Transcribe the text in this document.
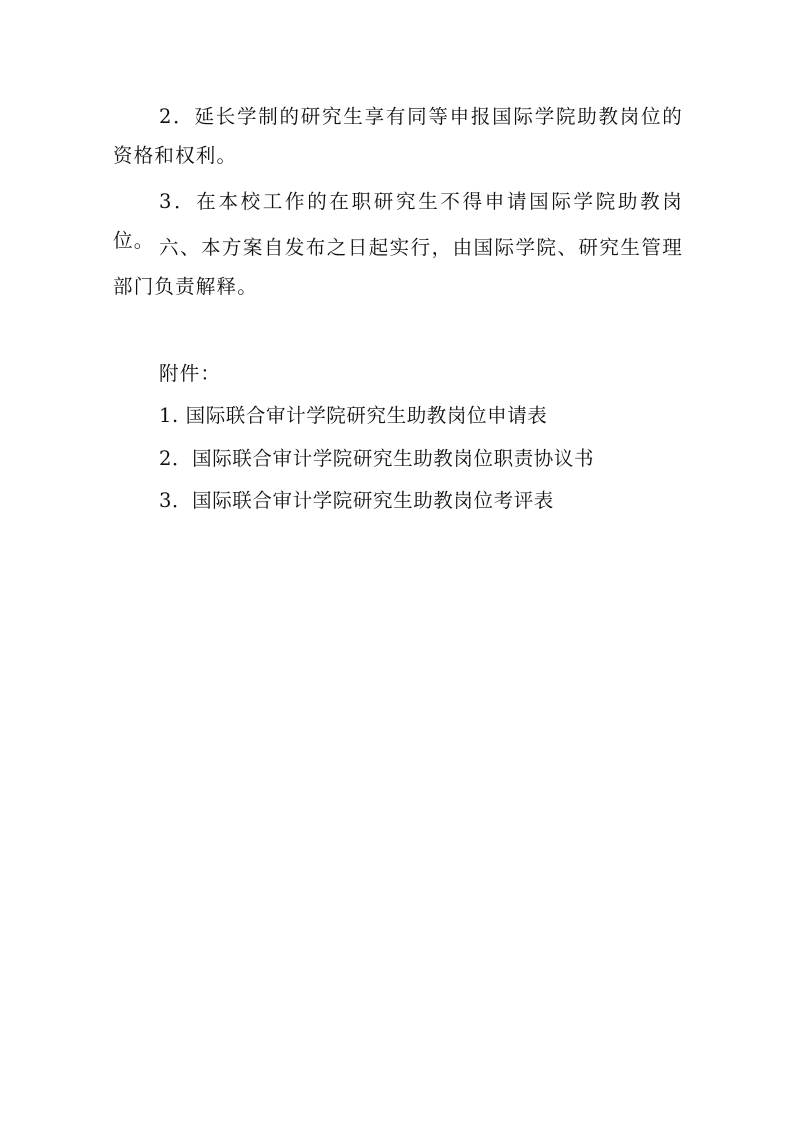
2．延长学制的研究生享有同等申报国际学院助教岗位的资格和权利。

3．在本校工作的在职研究生不得申请国际学院助教岗位。 六、本方案自发布之日起实行，由国际学院、研究生管理部门负责解释。

附件：

1. 国际联合审计学院研究生助教岗位申请表

2．国际联合审计学院研究生助教岗位职责协议书

3．国际联合审计学院研究生助教岗位考评表
